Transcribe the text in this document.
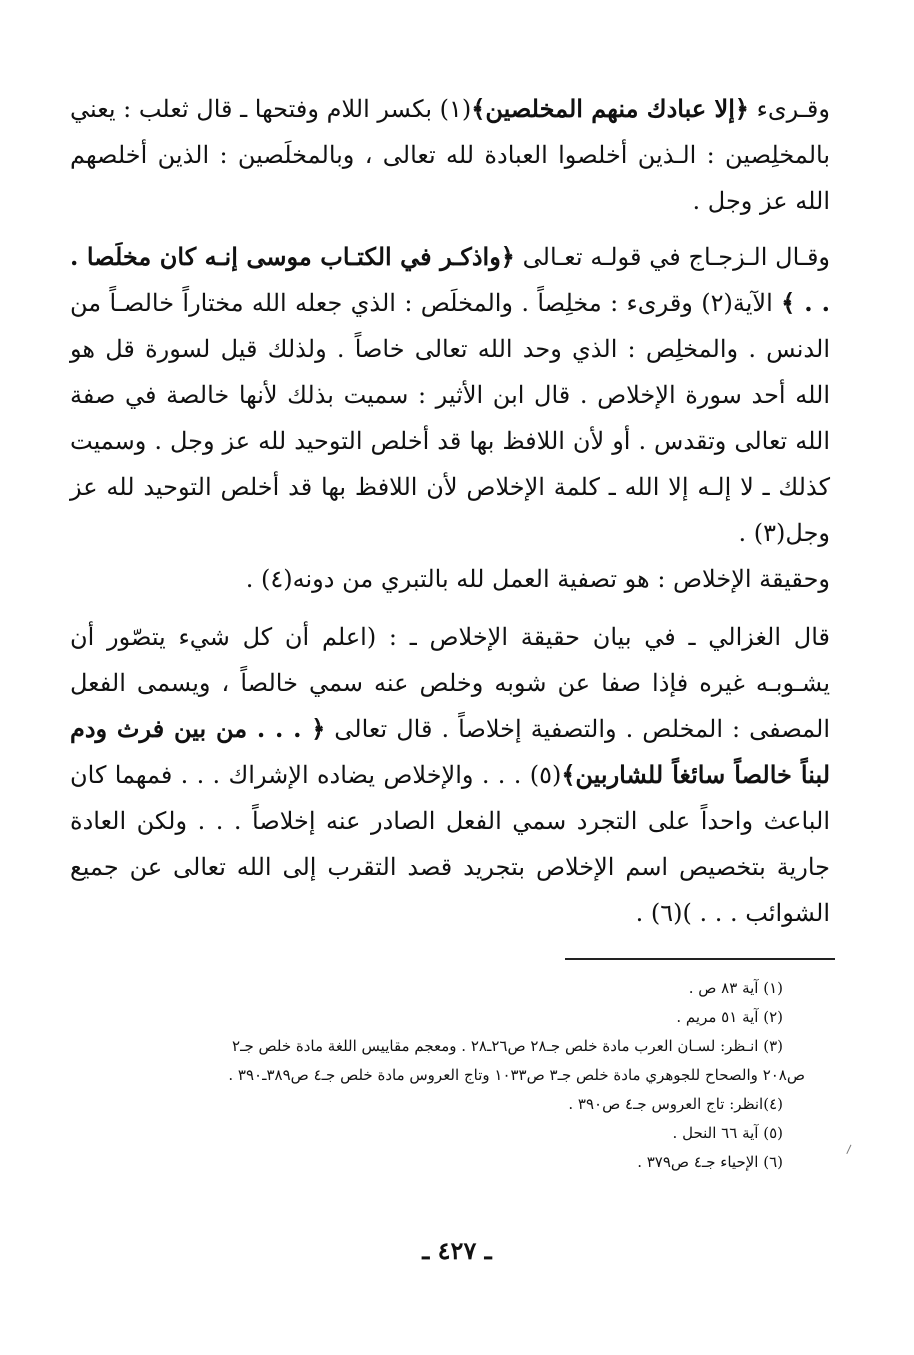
وقـرىء ﴿إلا عبادك منهم المخلصين﴾(١) بكسر اللام وفتحها ـ قال ثعلب : يعني بالمخلِصين : الـذين أخلصوا العبادة لله تعالى ، وبالمخلَصين : الذين أخلصهم الله عز وجل .

وقـال الـزجـاج في قولـه تعـالى ﴿واذكـر في الكتـاب موسى إنـه كان مخلَصا . . . ﴾ الآية(٢) وقرىء : مخلِصاً . والمخلَص : الذي جعله الله مختاراً خالصـاً من الدنس . والمخلِص : الذي وحد الله تعالى خاصاً . ولذلك قيل لسورة قل هو الله أحد سورة الإخلاص . قال ابن الأثير : سميت بذلك لأنها خالصة في صفة الله تعالى وتقدس . أو لأن اللافظ بها قد أخلص التوحيد لله عز وجل . وسميت كذلك ـ لا إلـه إلا الله ـ كلمة الإخلاص لأن اللافظ بها قد أخلص التوحيد لله عز وجل(٣) .

وحقيقة الإخلاص : هو تصفية العمل لله بالتبري من دونه(٤) .

قال الغزالي ـ في بيان حقيقة الإخلاص ـ : (اعلم أن كل شيء يتصّور أن يشـوبـه غيره فإذا صفا عن شوبه وخلص عنه سمي خالصاً ، ويسمى الفعل المصفى : المخلص . والتصفية إخلاصاً . قال تعالى ﴿ . . . من بين فرث ودم لبناً خالصاً سائغاً للشاربين﴾(٥) . . . والإخلاص يضاده الإشراك . . . فمهما كان الباعث واحداً على التجرد سمي الفعل الصادر عنه إخلاصاً . . . ولكن العادة جارية بتخصيص اسم الإخلاص بتجريد قصد التقرب إلى الله تعالى عن جميع الشوائب . . . )(٦) .

(١) آية ٨٣ ص .

(٢) آية ٥١ مريم .

(٣) انـظر: لسـان العرب مادة خلص جـ٢٨ ص٢٦ـ٢٨ . ومعجم مقاييس اللغة مادة خلص جـ٢

ص٢٠٨ والصحاح للجوهري مادة خلص جـ٣ ص١٠٣٣ وتاج العروس مادة خلص جـ٤ ص٣٨٩ـ٣٩٠ .

(٤)انظر: تاج العروس جـ٤ ص٣٩٠ .

(٥) آية ٦٦ النحل .

(٦) الإحياء جـ٤ ص٣٧٩ .

ـ ٤٢٧ ـ
